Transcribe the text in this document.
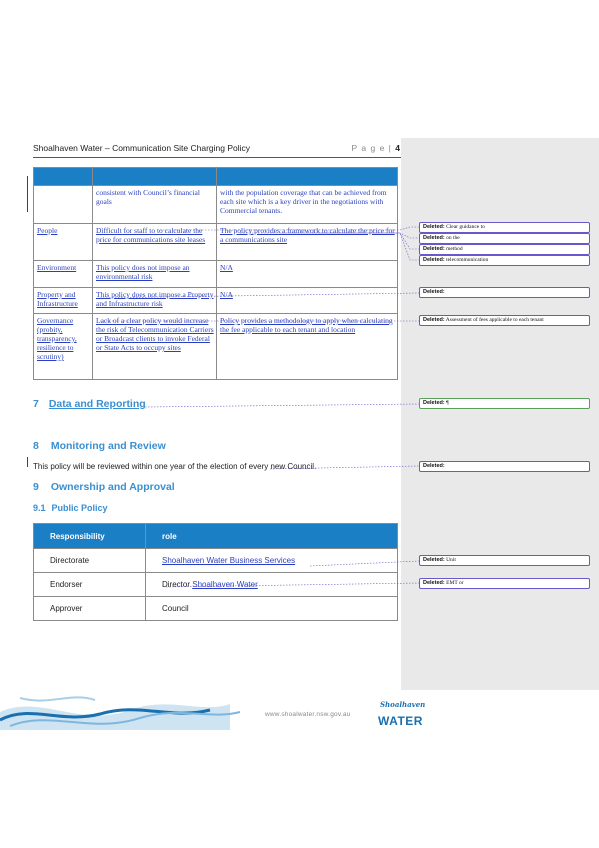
Shoalhaven Water – Communication Site Charging Policy	P a g e | 4

	consistent with Council’s financial goals	with the population coverage that can be achieved from each site which is a key driver in the negotiations with Commercial tenants.
People	Difficult for staff to to calculate the price for communications site leases	The policy provides a framework to calculate the price for a communications site
Environment	This policy does not impose an environmental risk	N/A
Property and Infrastructure	This policy does not impose a Property and Infrastructure risk	N/A
Governance (probity, transparency, resilience to scrutiny)	Lack of a clear policy would increase the risk of Telecommunication Carriers or Broadcast clients to invoke Federal or State Acts to occupy sites	Policy provides a methodology to apply when calculating the fee applicable to each tenant and location
7 Data and Reporting
8 Monitoring and Review
This policy will be reviewed within one year of the election of every new Council.
9 Ownership and Approval
9.1 Public Policy
Responsibility	role
Directorate	Shoalhaven Water Business Services
Endorser	Director Shoalhaven Water
Approver	Council
Deleted: Clear guidance to
Deleted: on the
Deleted: method
Deleted: telecommunication
Deleted:
Deleted: Assessment of fees applicable to each tenant
Deleted: ¶
Deleted:
Deleted: Unit
Deleted: EMT or
www.shoalwater.nsw.gov.au
Shoalhaven
WATER
